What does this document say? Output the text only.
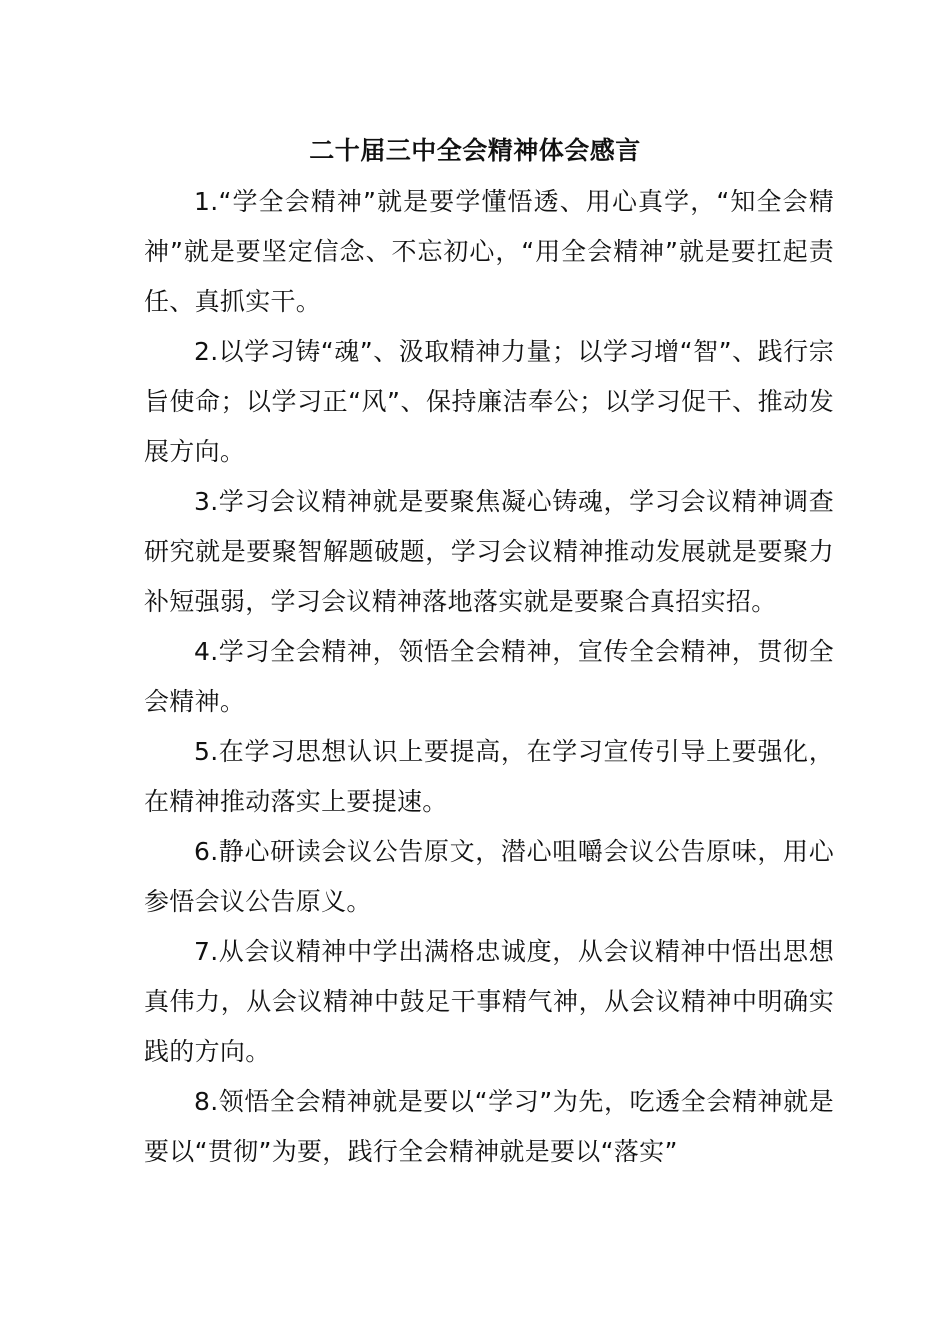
二十届三中全会精神体会感言

1.“学全会精神”就是要学懂悟透、用心真学，“知全会精神”就是要坚定信念、不忘初心，“用全会精神”就是要扛起责任、真抓实干。

2.以学习铸“魂”、汲取精神力量；以学习增“智”、践行宗旨使命；以学习正“风”、保持廉洁奉公；以学习促干、推动发展方向。

3.学习会议精神就是要聚焦凝心铸魂，学习会议精神调查研究就是要聚智解题破题，学习会议精神推动发展就是要聚力补短强弱，学习会议精神落地落实就是要聚合真招实招。

4.学习全会精神，领悟全会精神，宣传全会精神，贯彻全会精神。

5.在学习思想认识上要提高，在学习宣传引导上要强化，在精神推动落实上要提速。

6.静心研读会议公告原文，潜心咀嚼会议公告原味，用心参悟会议公告原义。

7.从会议精神中学出满格忠诚度，从会议精神中悟出思想真伟力，从会议精神中鼓足干事精气神，从会议精神中明确实践的方向。

8.领悟全会精神就是要以“学习”为先，吃透全会精神就是要以“贯彻”为要，践行全会精神就是要以“落实”
